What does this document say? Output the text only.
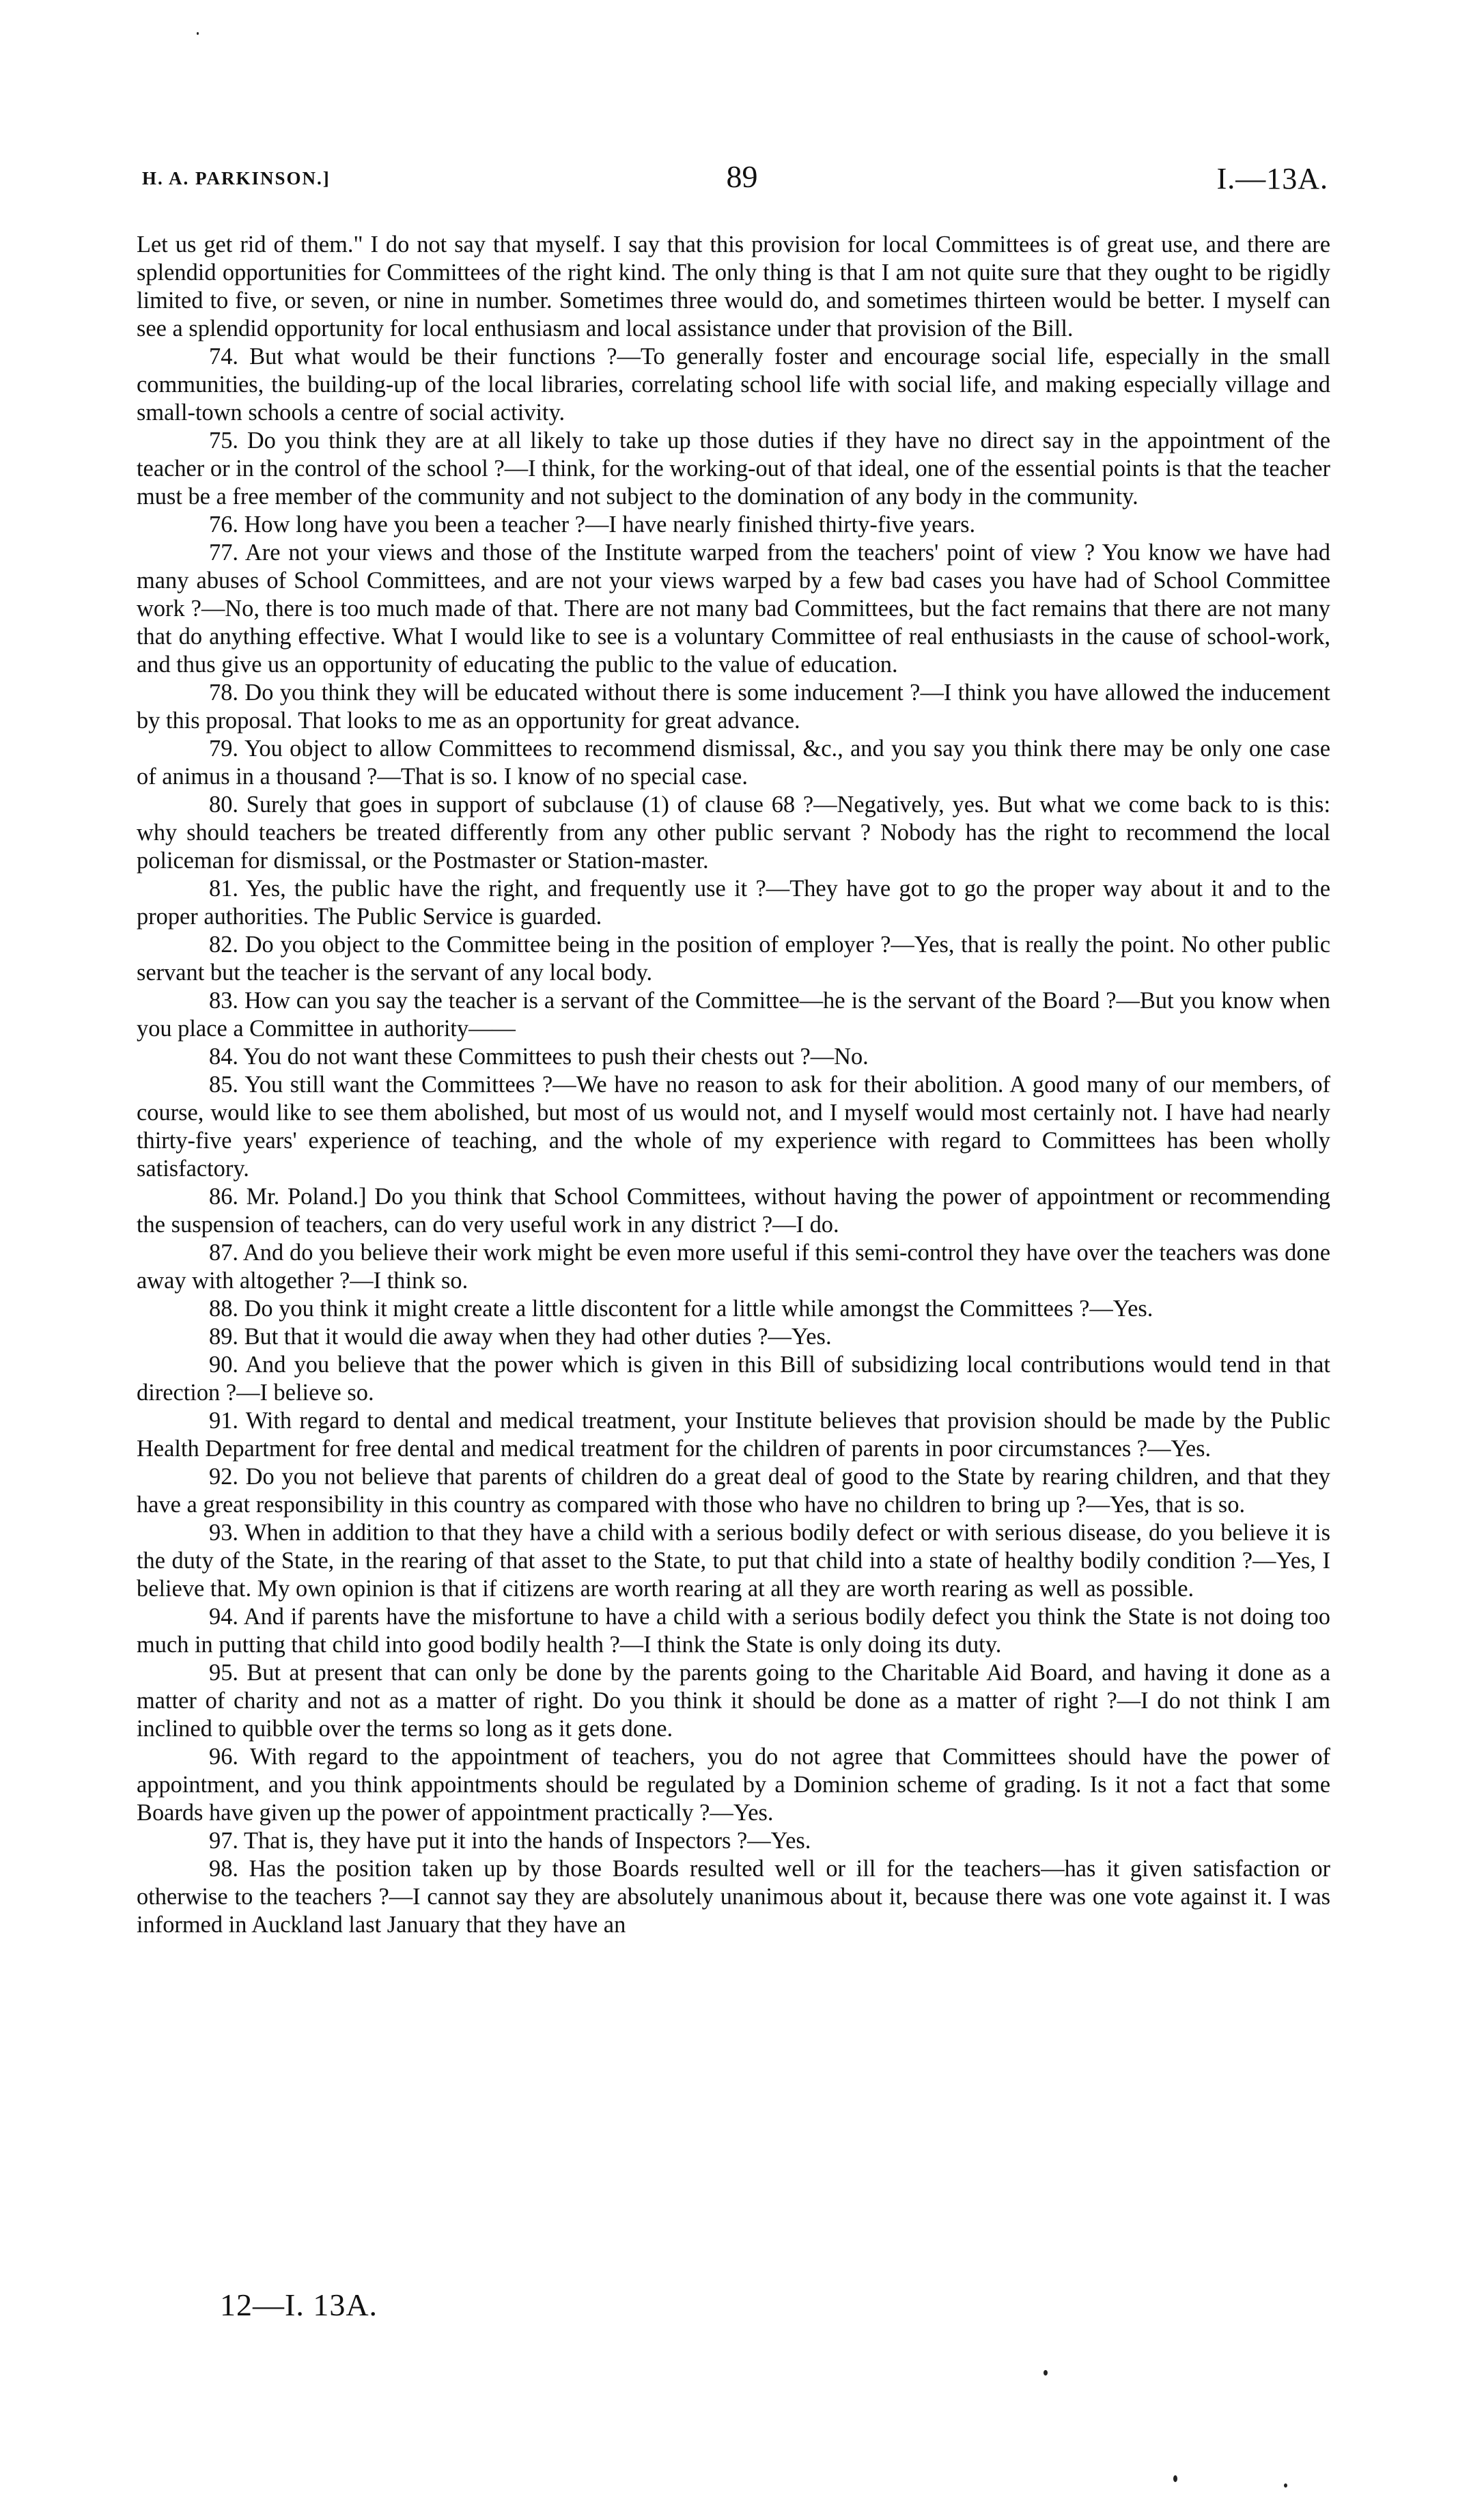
H. A. PARKINSON.]	89	I.—13A.

Let us get rid of them." I do not say that myself. I say that this provision for local Committees is of great use, and there are splendid opportunities for Committees of the right kind. The only thing is that I am not quite sure that they ought to be rigidly limited to five, or seven, or nine in number. Sometimes three would do, and sometimes thirteen would be better. I myself can see a splendid opportunity for local enthusiasm and local assistance under that provision of the Bill.

74. But what would be their functions ?—To generally foster and encourage social life, especially in the small communities, the building-up of the local libraries, correlating school life with social life, and making especially village and small-town schools a centre of social activity.

75. Do you think they are at all likely to take up those duties if they have no direct say in the appointment of the teacher or in the control of the school ?—I think, for the working-out of that ideal, one of the essential points is that the teacher must be a free member of the community and not subject to the domination of any body in the community.

76. How long have you been a teacher ?—I have nearly finished thirty-five years.

77. Are not your views and those of the Institute warped from the teachers' point of view ? You know we have had many abuses of School Committees, and are not your views warped by a few bad cases you have had of School Committee work ?—No, there is too much made of that. There are not many bad Committees, but the fact remains that there are not many that do anything effective. What I would like to see is a voluntary Committee of real enthusiasts in the cause of school-work, and thus give us an opportunity of educating the public to the value of education.

78. Do you think they will be educated without there is some inducement ?—I think you have allowed the inducement by this proposal. That looks to me as an opportunity for great advance.

79. You object to allow Committees to recommend dismissal, &c., and you say you think there may be only one case of animus in a thousand ?—That is so. I know of no special case.

80. Surely that goes in support of subclause (1) of clause 68 ?—Negatively, yes. But what we come back to is this: why should teachers be treated differently from any other public servant ? Nobody has the right to recommend the local policeman for dismissal, or the Postmaster or Station-master.

81. Yes, the public have the right, and frequently use it ?—They have got to go the proper way about it and to the proper authorities. The Public Service is guarded.

82. Do you object to the Committee being in the position of employer ?—Yes, that is really the point. No other public servant but the teacher is the servant of any local body.

83. How can you say the teacher is a servant of the Committee—he is the servant of the Board ?—But you know when you place a Committee in authority——

84. You do not want these Committees to push their chests out ?—No.

85. You still want the Committees ?—We have no reason to ask for their abolition. A good many of our members, of course, would like to see them abolished, but most of us would not, and I myself would most certainly not. I have had nearly thirty-five years' experience of teaching, and the whole of my experience with regard to Committees has been wholly satisfactory.

86. Mr. Poland.] Do you think that School Committees, without having the power of appointment or recommending the suspension of teachers, can do very useful work in any district ?—I do.

87. And do you believe their work might be even more useful if this semi-control they have over the teachers was done away with altogether ?—I think so.

88. Do you think it might create a little discontent for a little while amongst the Committees ?—Yes.

89. But that it would die away when they had other duties ?—Yes.

90. And you believe that the power which is given in this Bill of subsidizing local contributions would tend in that direction ?—I believe so.

91. With regard to dental and medical treatment, your Institute believes that provision should be made by the Public Health Department for free dental and medical treatment for the children of parents in poor circumstances ?—Yes.

92. Do you not believe that parents of children do a great deal of good to the State by rearing children, and that they have a great responsibility in this country as compared with those who have no children to bring up ?—Yes, that is so.

93. When in addition to that they have a child with a serious bodily defect or with serious disease, do you believe it is the duty of the State, in the rearing of that asset to the State, to put that child into a state of healthy bodily condition ?—Yes, I believe that. My own opinion is that if citizens are worth rearing at all they are worth rearing as well as possible.

94. And if parents have the misfortune to have a child with a serious bodily defect you think the State is not doing too much in putting that child into good bodily health ?—I think the State is only doing its duty.

95. But at present that can only be done by the parents going to the Charitable Aid Board, and having it done as a matter of charity and not as a matter of right. Do you think it should be done as a matter of right ?—I do not think I am inclined to quibble over the terms so long as it gets done.

96. With regard to the appointment of teachers, you do not agree that Committees should have the power of appointment, and you think appointments should be regulated by a Dominion scheme of grading. Is it not a fact that some Boards have given up the power of appointment practically ?—Yes.

97. That is, they have put it into the hands of Inspectors ?—Yes.

98. Has the position taken up by those Boards resulted well or ill for the teachers—has it given satisfaction or otherwise to the teachers ?—I cannot say they are absolutely unanimous about it, because there was one vote against it. I was informed in Auckland last January that they have an

12—I. 13A.
